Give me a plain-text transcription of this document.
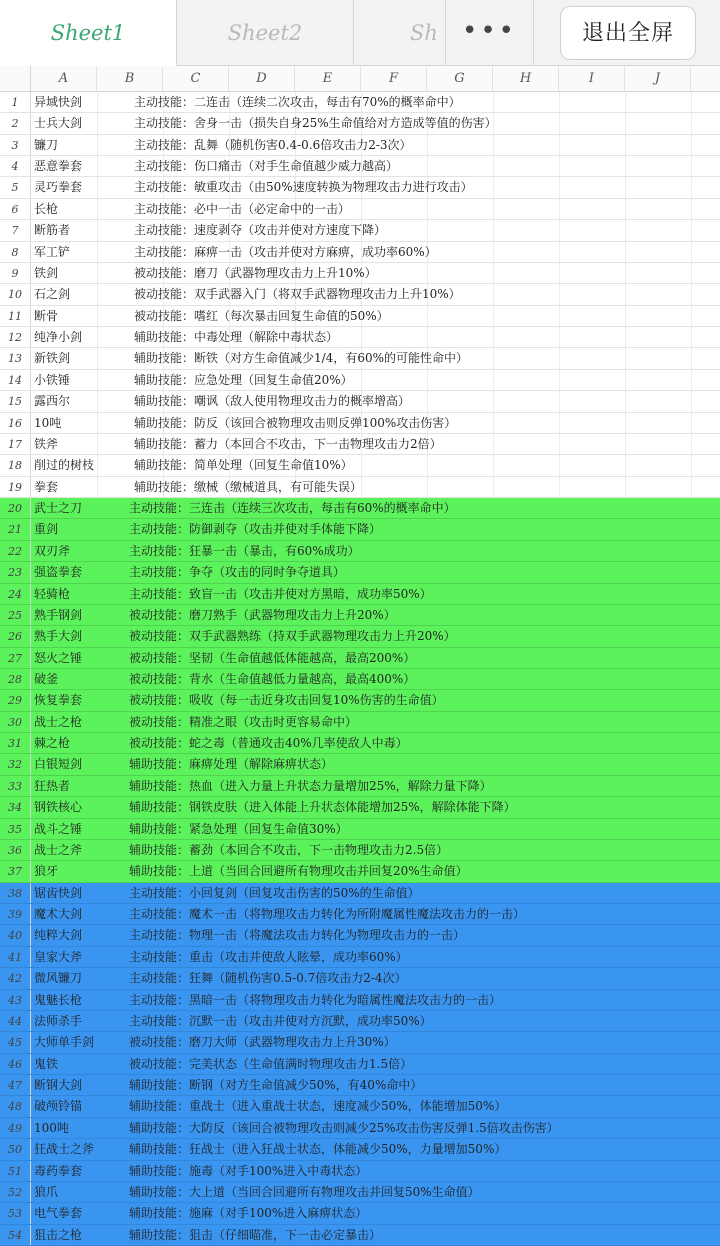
Sheet1	Sheet2	Sh •••	退出全屏
A	B	C	D	E	F	G	H	I	J
1	异域快剑	主动技能：二连击（连续二次攻击，每击有70%的概率命中）
2	士兵大剑	主动技能：舍身一击（损失自身25%生命值给对方造成等值的伤害）
3	镰刀	主动技能：乱舞（随机伤害0.4-0.6倍攻击力2-3次）
4	恶意拳套	主动技能：伤口痛击（对手生命值越少威力越高）
5	灵巧拳套	主动技能：敏重攻击（由50%速度转换为物理攻击力进行攻击）
6	长枪	主动技能：必中一击（必定命中的一击）
7	断筋者	主动技能：速度剥夺（攻击并使对方速度下降）
8	军工铲	主动技能：麻痹一击（攻击并使对方麻痹，成功率60%）
9	铁剑	被动技能：磨刀（武器物理攻击力上升10%）
10	石之剑	被动技能：双手武器入门（将双手武器物理攻击力上升10%）
11	断骨	被动技能：嗜红（每次暴击回复生命值的50%）
12	纯净小剑	辅助技能：中毒处理（解除中毒状态）
13	新铁剑	辅助技能：断铁（对方生命值减少1/4，有60%的可能性命中）
14	小铁锤	辅助技能：应急处理（回复生命值20%）
15	露西尔	辅助技能：嘲讽（敌人使用物理攻击力的概率增高）
16	10吨	辅助技能：防反（该回合被物理攻击则反弹100%攻击伤害）
17	铁斧	辅助技能：蓄力（本回合不攻击，下一击物理攻击力2倍）
18	削过的树枝	辅助技能：简单处理（回复生命值10%）
19	拳套	辅助技能：缴械（缴械道具，有可能失误）
20	武士之刀	主动技能：三连击（连续三次攻击，每击有60%的概率命中）
21	重剑	主动技能：防御剥夺（攻击并使对手体能下降）
22	双刃斧	主动技能：狂暴一击（暴击，有60%成功）
23	强盗拳套	主动技能：争夺（攻击的同时争夺道具）
24	轻骑枪	主动技能：致盲一击（攻击并使对方黑暗，成功率50%）
25	熟手钢剑	被动技能：磨刀熟手（武器物理攻击力上升20%）
26	熟手大剑	被动技能：双手武器熟练（持双手武器物理攻击力上升20%）
27	怒火之锤	被动技能：坚韧（生命值越低体能越高，最高200%）
28	破釜	被动技能：背水（生命值越低力量越高，最高400%）
29	恢复拳套	被动技能：吸收（每一击近身攻击回复10%伤害的生命值）
30	战士之枪	被动技能：精准之眼（攻击时更容易命中）
31	棘之枪	被动技能：蛇之毒（普通攻击40%几率使敌人中毒）
32	白银短剑	辅助技能：麻痹处理（解除麻痹状态）
33	狂热者	辅助技能：热血（进入力量上升状态力量增加25%，解除力量下降）
34	钢铁核心	辅助技能：钢铁皮肤（进入体能上升状态体能增加25%，解除体能下降）
35	战斗之锤	辅助技能：紧急处理（回复生命值30%）
36	战士之斧	辅助技能：蓄劲（本回合不攻击，下一击物理攻击力2.5倍）
37	狼牙	辅助技能：上道（当回合回避所有物理攻击并回复20%生命值）
38	锯齿快剑	主动技能：小回复剑（回复攻击伤害的50%的生命值）
39	魔术大剑	主动技能：魔术一击（将物理攻击力转化为所附魔属性魔法攻击力的一击）
40	纯粹大剑	主动技能：物理一击（将魔法攻击力转化为物理攻击力的一击）
41	皇家大斧	主动技能：重击（攻击并使敌人眩晕，成功率60%）
42	微风镰刀	主动技能：狂舞（随机伤害0.5-0.7倍攻击力2-4次）
43	鬼魅长枪	主动技能：黑暗一击（将物理攻击力转化为暗属性魔法攻击力的一击）
44	法师杀手	主动技能：沉默一击（攻击并使对方沉默，成功率50%）
45	大师单手剑	被动技能：磨刀大师（武器物理攻击力上升30%）
46	鬼铁	被动技能：完美状态（生命值满时物理攻击力1.5倍）
47	断钢大剑	辅助技能：断钢（对方生命值减少50%，有40%命中）
48	破颅铃锚	辅助技能：重战士（进入重战士状态，速度减少50%，体能增加50%）
49	100吨	辅助技能：大防反（该回合被物理攻击则减少25%攻击伤害反弹1.5倍攻击伤害）
50	狂战士之斧	辅助技能：狂战士（进入狂战士状态，体能减少50%，力量增加50%）
51	毒药拳套	辅助技能：施毒（对手100%进入中毒状态）
52	狼爪	辅助技能：大上道（当回合回避所有物理攻击并回复50%生命值）
53	电气拳套	辅助技能：施麻（对手100%进入麻痹状态）
54	狙击之枪	辅助技能：狙击（仔细瞄准，下一击必定暴击）
